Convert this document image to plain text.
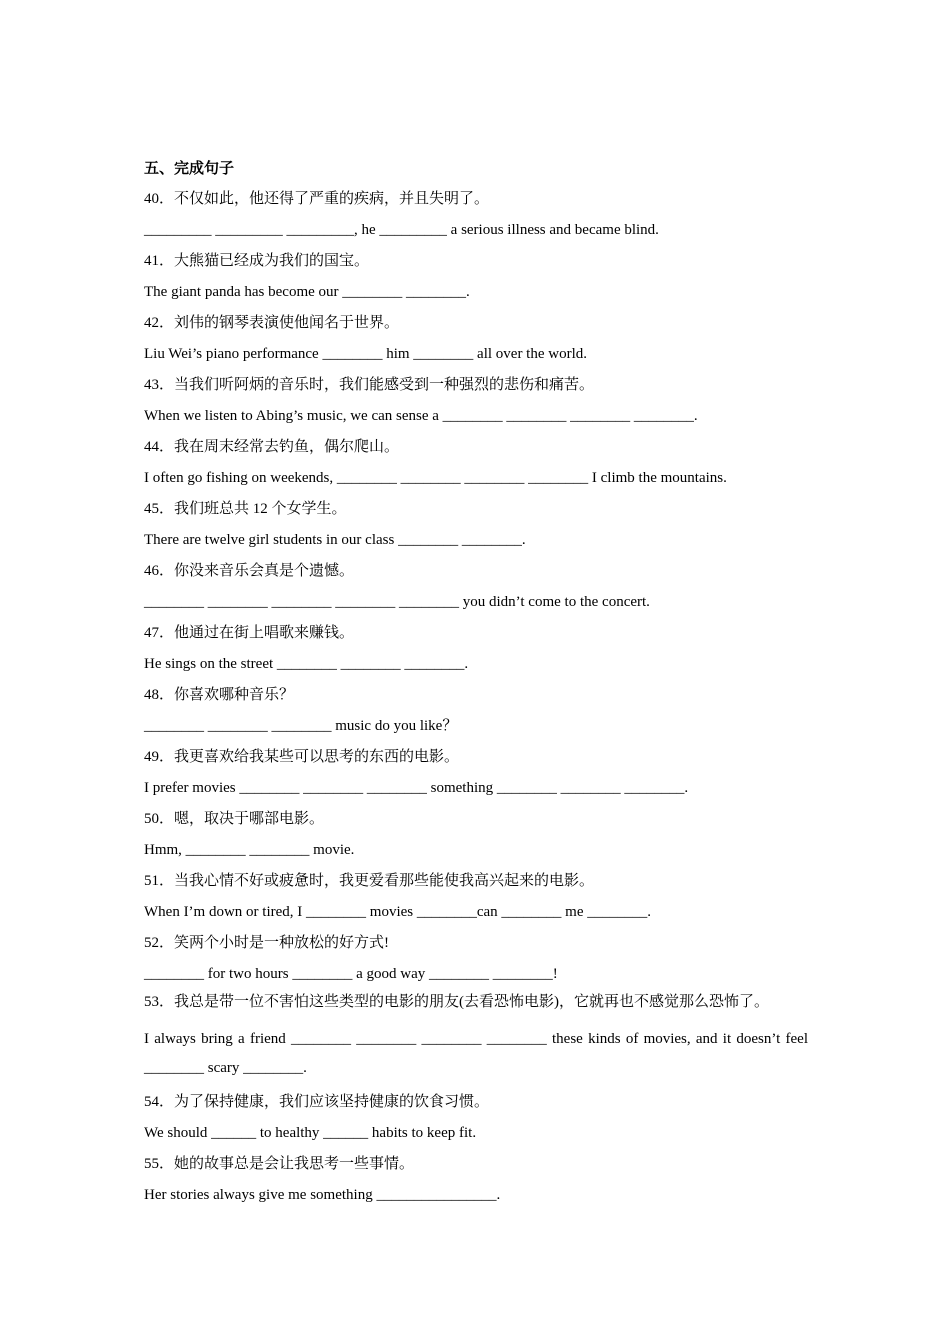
五、完成句子
40．不仅如此，他还得了严重的疾病，并且失明了。
_________ _________ _________, he _________ a serious illness and became blind.
41．大熊猫已经成为我们的国宝。
The giant panda has become our ________ ________.
42．刘伟的钢琴表演使他闻名于世界。
Liu Wei’s piano performance ________ him ________ all over the world.
43．当我们听阿炳的音乐时，我们能感受到一种强烈的悲伤和痛苦。
When we listen to Abing’s music, we can sense a ________ ________ ________ ________.
44．我在周末经常去钓鱼，偶尔爬山。
I often go fishing on weekends, ________ ________ ________ ________ I climb the mountains.
45．我们班总共 12 个女学生。
There are twelve girl students in our class ________ ________.
46．你没来音乐会真是个遗憾。
________ ________ ________ ________ ________ you didn’t come to the concert.
47．他通过在街上唱歌来赚钱。
He sings on the street ________ ________ ________.
48．你喜欢哪种音乐？
________ ________ ________ music do you like？
49．我更喜欢给我某些可以思考的东西的电影。
I prefer movies ________ ________ ________ something ________ ________ ________.
50．嗯，取决于哪部电影。
Hmm, ________ ________ movie.
51．当我心情不好或疲惫时，我更爱看那些能使我高兴起来的电影。
When I’m down or tired, I ________ movies ________can ________ me ________.
52．笑两个小时是一种放松的好方式!
________ for two hours ________ a good way ________ ________!
53．我总是带一位不害怕这些类型的电影的朋友(去看恐怖电影)，它就再也不感觉那么恐怖了。
I always bring a friend ________ ________ ________ ________ these kinds of movies, and it doesn’t feel ________ scary ________.
54．为了保持健康，我们应该坚持健康的饮食习惯。
We should ______ to healthy ______ habits to keep fit.
55．她的故事总是会让我思考一些事情。
Her stories always give me something ________________.
